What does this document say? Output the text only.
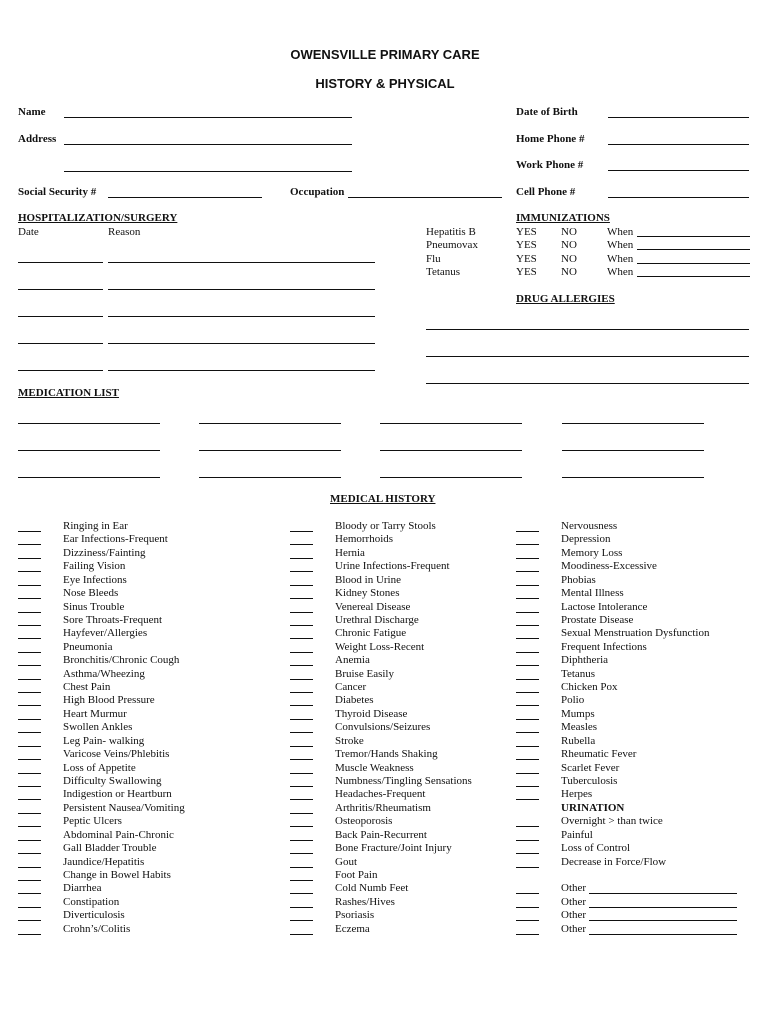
OWENSVILLE PRIMARY CARE
HISTORY & PHYSICAL
Name
Address
Social Security #	Occupation
Date of Birth
Home Phone #
Work Phone #
Cell Phone #
HOSPITALIZATION/SURGERY
Date	Reason
IMMUNIZATIONS
Hepatitis B	YES NO	When
Pneumovax	YES NO	When
Flu	YES NO	When
Tetanus	YES NO	When
DRUG ALLERGIES
MEDICATION LIST
MEDICAL HISTORY
Ringing in Ear
Ear Infections-Frequent
Dizziness/Fainting
Failing Vision
Eye Infections
Nose Bleeds
Sinus Trouble
Sore Throats-Frequent
Hayfever/Allergies
Pneumonia
Bronchitis/Chronic Cough
Asthma/Wheezing
Chest Pain
High Blood Pressure
Heart Murmur
Swollen Ankles
Leg Pain- walking
Varicose Veins/Phlebitis
Loss of Appetite
Difficulty Swallowing
Indigestion or Heartburn
Persistent Nausea/Vomiting
Peptic Ulcers
Abdominal Pain-Chronic
Gall Bladder Trouble
Jaundice/Hepatitis
Change in Bowel Habits
Diarrhea
Constipation
Diverticulosis
Crohn’s/Colitis
Bloody or Tarry Stools
Hemorrhoids
Hernia
Urine Infections-Frequent
Blood in Urine
Kidney Stones
Venereal Disease
Urethral Discharge
Chronic Fatigue
Weight Loss-Recent
Anemia
Bruise Easily
Cancer
Diabetes
Thyroid Disease
Convulsions/Seizures
Stroke
Tremor/Hands Shaking
Muscle Weakness
Numbness/Tingling Sensations
Headaches-Frequent
Arthritis/Rheumatism
Osteoporosis
Back Pain-Recurrent
Bone Fracture/Joint Injury
Gout
Foot Pain
Cold Numb Feet
Rashes/Hives
Psoriasis
Eczema
Nervousness
Depression
Memory Loss
Moodiness-Excessive
Phobias
Mental Illness
Lactose Intolerance
Prostate Disease
Sexual Menstruation Dysfunction
Frequent Infections
Diphtheria
Tetanus
Chicken Pox
Polio
Mumps
Measles
Rubella
Rheumatic Fever
Scarlet Fever
Tuberculosis
Herpes
URINATION
Overnight > than twice
Painful
Loss of Control
Decrease in Force/Flow
Other
Other
Other
Other
